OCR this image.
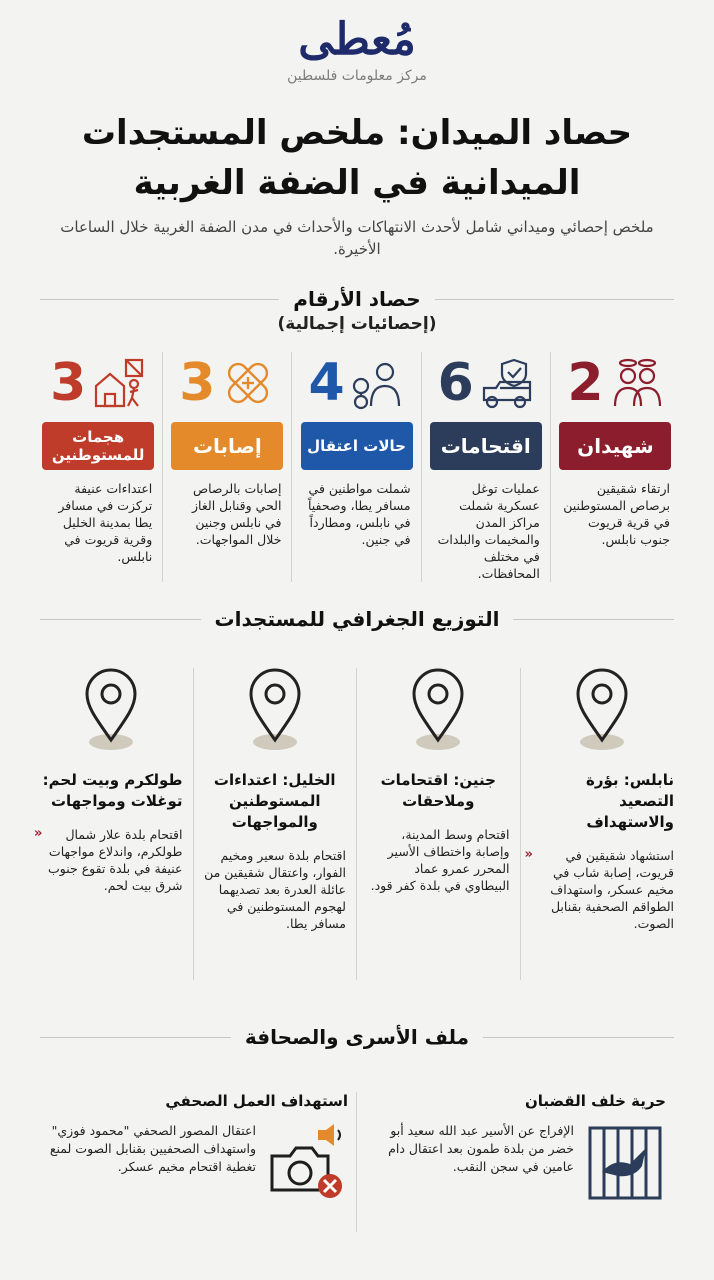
مُعطى
مركز معلومات فلسطين
حصاد الميدان: ملخص المستجدات الميدانية في الضفة الغربية

ملخص إحصائي وميداني شامل لأحدث الانتهاكات والأحداث في مدن الضفة الغربية خلال الساعات الأخيرة.

حصاد الأرقام
(إحصائيات إجمالية)
2
شهيدان
ارتقاء شقيقين برصاص المستوطنين في قرية قريوت جنوب نابلس.
6
اقتحامات
عمليات توغل عسكرية شملت مراكز المدن والمخيمات والبلدات في مختلف المحافظات.
4
حالات اعتقال
شملت مواطنين في مسافر يطا، وصحفياً في نابلس، ومطارداً في جنين.
3
إصابات
إصابات بالرصاص الحي وقنابل الغاز في نابلس وجنين خلال المواجهات.
3
هجمات للمستوطنين
اعتداءات عنيفة تركزت في مسافر يطا بمدينة الخليل وقرية قريوت في نابلس.
التوزيع الجغرافي للمستجدات
نابلس: بؤرة التصعيد والاستهداف
«	استشهاد شقيقين في قريوت، إصابة شاب في مخيم عسكر، واستهداف الطواقم الصحفية بقنابل الصوت.
جنين: اقتحامات وملاحقات
اقتحام وسط المدينة، وإصابة واختطاف الأسير المحرر عمرو عماد البيطاوي في بلدة كفر قود.
الخليل: اعتداءات المستوطنين والمواجهات
اقتحام بلدة سعير ومخيم الفوار، واعتقال شقيقين من عائلة العدرة بعد تصديهما لهجوم المستوطنين في مسافر يطا.
طولكرم وبيت لحم: توغلات ومواجهات
«	اقتحام بلدة علار شمال طولكرم، واندلاع مواجهات عنيفة في بلدة تقوع جنوب شرق بيت لحم.
ملف الأسرى والصحافة
حرية خلف القضبان
الإفراج عن الأسير عبد الله سعيد أبو خضر من بلدة طمون بعد اعتقال دام عامين في سجن النقب.
استهداف العمل الصحفي
اعتقال المصور الصحفي "محمود فوزي" واستهداف الصحفيين بقنابل الصوت لمنع تغطية اقتحام مخيم عسكر.
